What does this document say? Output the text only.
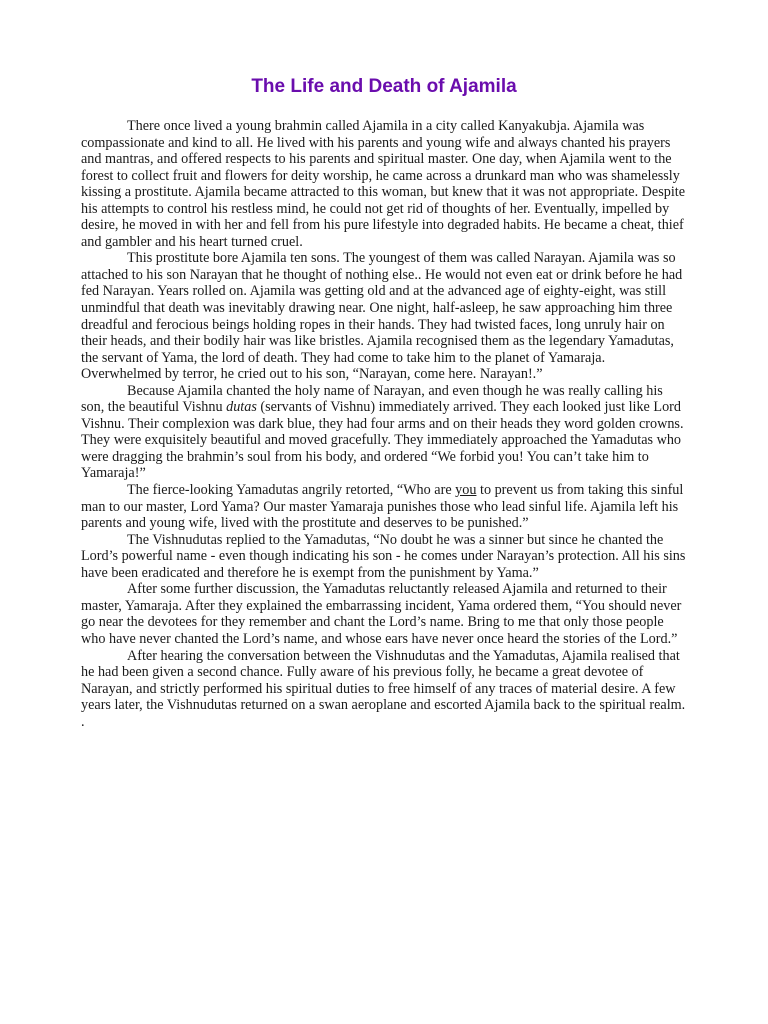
The Life and Death of Ajamila

There once lived a young brahmin called Ajamila in a city called Kanyakubja. Ajamila was compassionate and kind to all. He lived with his parents and young wife and always chanted his prayers and mantras, and offered respects to his parents and spiritual master. One day, when Ajamila went to the forest to collect fruit and flowers for deity worship, he came across a drunkard man who was shamelessly kissing a prostitute. Ajamila became attracted to this woman, but knew that it was not appropriate. Despite his attempts to control his restless mind, he could not get rid of thoughts of her. Eventually, impelled by desire, he moved in with her and fell from his pure lifestyle into degraded habits. He became a cheat, thief and gambler and his heart turned cruel.

This prostitute bore Ajamila ten sons. The youngest of them was called Narayan. Ajamila was so attached to his son Narayan that he thought of nothing else.. He would not even eat or drink before he had fed Narayan. Years rolled on. Ajamila was getting old and at the advanced age of eighty-eight, was still unmindful that death was inevitably drawing near. One night, half-asleep, he saw approaching him three dreadful and ferocious beings holding ropes in their hands. They had twisted faces, long unruly hair on their heads, and their bodily hair was like bristles. Ajamila recognised them as the legendary Yamadutas, the servant of Yama, the lord of death. They had come to take him to the planet of Yamaraja. Overwhelmed by terror, he cried out to his son, “Narayan, come here. Narayan!.”

Because Ajamila chanted the holy name of Narayan, and even though he was really calling his son, the beautiful Vishnu dutas (servants of Vishnu) immediately arrived. They each looked just like Lord Vishnu. Their complexion was dark blue, they had four arms and on their heads they word golden crowns. They were exquisitely beautiful and moved gracefully. They immediately approached the Yamadutas who were dragging the brahmin’s soul from his body, and ordered “We forbid you! You can’t take him to Yamaraja!”

The fierce-looking Yamadutas angrily retorted, “Who are you to prevent us from taking this sinful man to our master, Lord Yama? Our master Yamaraja punishes those who lead sinful life. Ajamila left his parents and young wife, lived with the prostitute and deserves to be punished.”

The Vishnudutas replied to the Yamadutas, “No doubt he was a sinner but since he chanted the Lord’s powerful name - even though indicating his son - he comes under Narayan’s protection. All his sins have been eradicated and therefore he is exempt from the punishment by Yama.”

After some further discussion, the Yamadutas reluctantly released Ajamila and returned to their master, Yamaraja. After they explained the embarrassing incident, Yama ordered them, “You should never go near the devotees for they remember and chant the Lord’s name. Bring to me that only those people who have never chanted the Lord’s name, and whose ears have never once heard the stories of the Lord.”

After hearing the conversation between the Vishnudutas and the Yamadutas, Ajamila realised that he had been given a second chance. Fully aware of his previous folly, he became a great devotee of Narayan, and strictly performed his spiritual duties to free himself of any traces of material desire. A few years later, the Vishnudutas returned on a swan aeroplane and escorted Ajamila back to the spiritual realm. .
